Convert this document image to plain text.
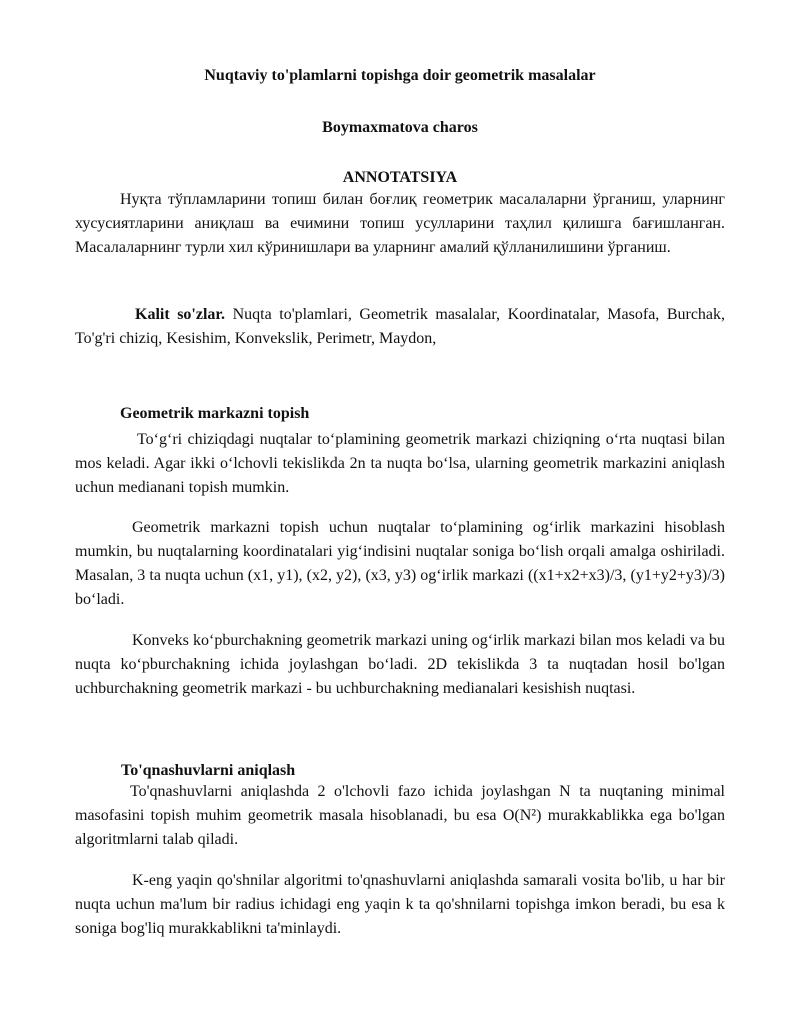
Nuqtaviy to'plamlarni topishga doir geometrik masalalar
Boymaxmatova charos
ANNOTATSIYA

Нуқта тўпламларини топиш билан боғлиқ геометрик масалаларни ўрганиш, уларнинг хусусиятларини аниқлаш ва ечимини топиш усулларини таҳлил қилишга бағишланган. Масалаларнинг турли хил кўринишлари ва уларнинг амалий қўлланилишини ўрганиш.

Kalit so'zlar. Nuqta to'plamlari, Geometrik masalalar, Koordinatalar, Masofa, Burchak, To'g'ri chiziq, Kesishim, Konvekslik, Perimetr, Maydon,

Geometrik markazni topish

To‘g‘ri chiziqdagi nuqtalar to‘plamining geometrik markazi chiziqning o‘rta nuqtasi bilan mos keladi. Agar ikki o‘lchovli tekislikda 2n ta nuqta bo‘lsa, ularning geometrik markazini aniqlash uchun medianani topish mumkin.

Geometrik markazni topish uchun nuqtalar to‘plamining og‘irlik markazini hisoblash mumkin, bu nuqtalarning koordinatalari yig‘indisini nuqtalar soniga bo‘lish orqali amalga oshiriladi. Masalan, 3 ta nuqta uchun (x1, y1), (x2, y2), (x3, y3) og‘irlik markazi ((x1+x2+x3)/3, (y1+y2+y3)/3) bo‘ladi.

Konveks ko‘pburchakning geometrik markazi uning og‘irlik markazi bilan mos keladi va bu nuqta ko‘pburchakning ichida joylashgan bo‘ladi. 2D tekislikda 3 ta nuqtadan hosil bo'lgan uchburchakning geometrik markazi - bu uchburchakning medianalari kesishish nuqtasi.

To'qnashuvlarni aniqlash

To'qnashuvlarni aniqlashda 2 o'lchovli fazo ichida joylashgan N ta nuqtaning minimal masofasini topish muhim geometrik masala hisoblanadi, bu esa O(N²) murakkablikka ega bo'lgan algoritmlarni talab qiladi.

K-eng yaqin qo'shnilar algoritmi to'qnashuvlarni aniqlashda samarali vosita bo'lib, u har bir nuqta uchun ma'lum bir radius ichidagi eng yaqin k ta qo'shnilarni topishga imkon beradi, bu esa k soniga bog'liq murakkablikni ta'minlaydi.
